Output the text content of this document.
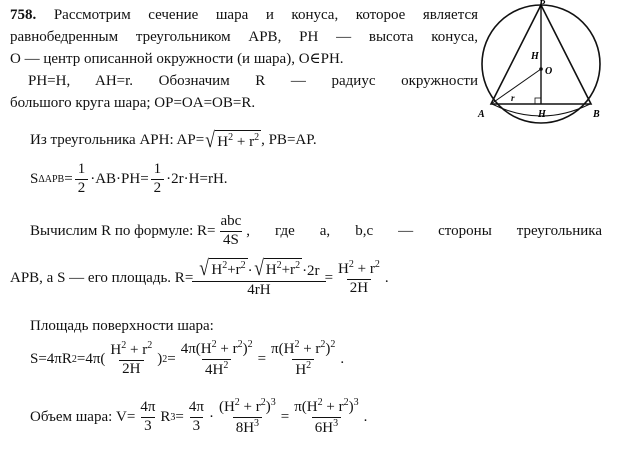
758. Рассмотрим сечение шара и конуса, которое является
равнобедренным треугольником APB, PH — высота конуса,
O — центр описанной окружности (и шара), O∈PH.
PH=H, AH=r. Обозначим R — радиус окружности
большого круга шара; OP=OA=OB=R.
P
H
O
r
A	H	B
Из треугольника APH: AP= √ $H^2 + r^2$ , PB=AP.
S $\Delta APB = \frac{1}{2} \cdot AB\cdot PH= \frac{1}{2} \cdot 2r\cdot H=rH$.
Вычислим R по формуле: $R= \frac{\text{abc}}{4S}$ , где a, b,c — стороны треугольника
APB, a S — его площадь. $R= \frac{√ H^2+r^2 \cdot √ H^2+r^2 \cdot 2r}{4rH} = \frac{H^2 + r^2}{2H}$ .
Площадь поверхности шара:
S=4πR $2 =4\pi( \frac{H^2 + r^2}{2H}$ ) $2 = \frac{4\pi(H^2 + r^2)^2}{4H^2} = \frac{\pi(H^2 + r^2)^2}{H^2}$ .
Объем шара: $V= \frac{4\pi}{3}$ R $3 = \frac{4\pi}{3} \cdot \frac{(H^2 + r^2)^3}{8H^3} = \frac{\pi(H^2 + r^2)^3}{6H^3}$ .
